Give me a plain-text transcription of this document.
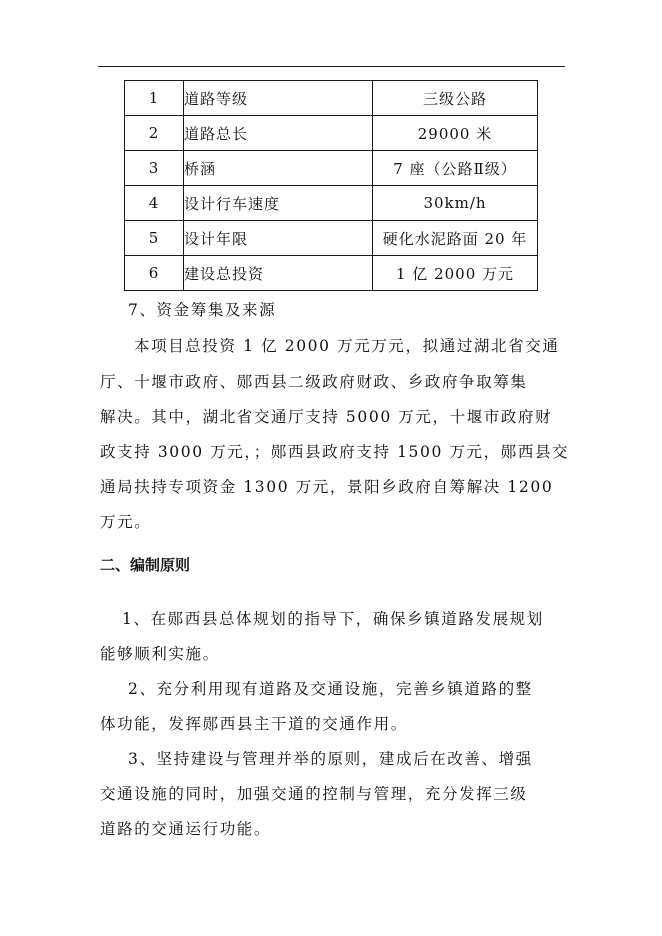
1	道路等级	三级公路
2	道路总长	29000 米
3	桥涵	7 座（公路Ⅱ级）
4	设计行车速度	30km/h
5	设计年限	硬化水泥路面 20 年
6	建设总投资	1 亿 2000 万元

7、资金筹集及来源

本项目总投资 1 亿 2000 万元万元，拟通过湖北省交通

厅、十堰市政府、郧西县二级政府财政、乡政府争取筹集

解决。其中，湖北省交通厅支持 5000 万元，十堰市政府财

政支持 3000 万元，；郧西县政府支持 1500 万元，郧西县交

通局扶持专项资金 1300 万元，景阳乡政府自筹解决 1200

万元。

二、编制原则

1、在郧西县总体规划的指导下，确保乡镇道路发展规划

能够顺利实施。

2、充分利用现有道路及交通设施，完善乡镇道路的整

体功能，发挥郧西县主干道的交通作用。

3、坚持建设与管理并举的原则，建成后在改善、增强

交通设施的同时，加强交通的控制与管理，充分发挥三级

道路的交通运行功能。
